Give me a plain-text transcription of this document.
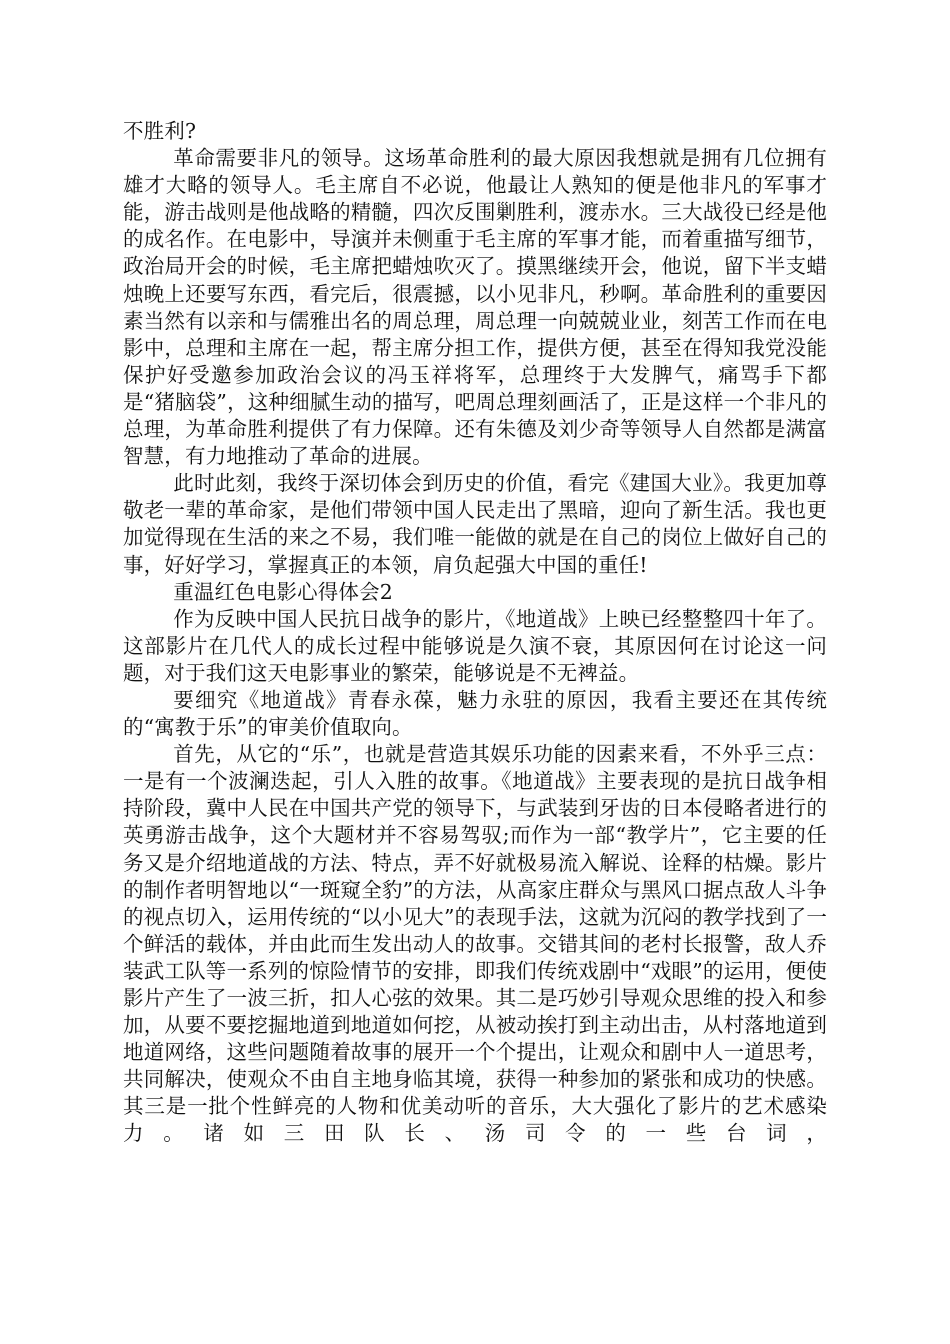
不胜利?

革命需要非凡的领导。这场革命胜利的最大原因我想就是拥有几位拥有雄才大略的领导人。毛主席自不必说，他最让人熟知的便是他非凡的军事才能，游击战则是他战略的精髓，四次反围剿胜利，渡赤水。三大战役已经是他的成名作。在电影中，导演并未侧重于毛主席的军事才能，而着重描写细节，政治局开会的时候，毛主席把蜡烛吹灭了。摸黑继续开会，他说，留下半支蜡烛晚上还要写东西，看完后，很震撼，以小见非凡，秒啊。革命胜利的重要因素当然有以亲和与儒雅出名的周总理，周总理一向兢兢业业，刻苦工作而在电影中，总理和主席在一起，帮主席分担工作，提供方便，甚至在得知我党没能保护好受邀参加政治会议的冯玉祥将军，总理终于大发脾气，痛骂手下都是“猪脑袋”，这种细腻生动的描写，吧周总理刻画活了，正是这样一个非凡的总理，为革命胜利提供了有力保障。还有朱德及刘少奇等领导人自然都是满富智慧，有力地推动了革命的进展。

此时此刻，我终于深切体会到历史的价值，看完《建国大业》。我更加尊敬老一辈的革命家，是他们带领中国人民走出了黑暗，迎向了新生活。我也更加觉得现在生活的来之不易，我们唯一能做的就是在自己的岗位上做好自己的事，好好学习，掌握真正的本领，肩负起强大中国的重任!

重温红色电影心得体会2

作为反映中国人民抗日战争的影片，《地道战》上映已经整整四十年了。这部影片在几代人的成长过程中能够说是久演不衰，其原因何在讨论这一问题，对于我们这天电影事业的繁荣，能够说是不无裨益。

要细究《地道战》青春永葆，魅力永驻的原因，我看主要还在其传统的“寓教于乐”的审美价值取向。

首先，从它的“乐”，也就是营造其娱乐功能的因素来看，不外乎三点：一是有一个波澜迭起，引人入胜的故事。《地道战》主要表现的是抗日战争相持阶段，冀中人民在中国共产党的领导下，与武装到牙齿的日本侵略者进行的英勇游击战争，这个大题材并不容易驾驭;而作为一部“教学片”，它主要的任务又是介绍地道战的方法、特点，弄不好就极易流入解说、诠释的枯燥。影片的制作者明智地以“一斑窥全豹”的方法，从高家庄群众与黑风口据点敌人斗争的视点切入，运用传统的“以小见大”的表现手法，这就为沉闷的教学找到了一个鲜活的载体，并由此而生发出动人的故事。交错其间的老村长报警，敌人乔装武工队等一系列的惊险情节的安排，即我们传统戏剧中“戏眼”的运用，便使影片产生了一波三折，扣人心弦的效果。其二是巧妙引导观众思维的投入和参加，从要不要挖掘地道到地道如何挖，从被动挨打到主动出击，从村落地道到地道网络，这些问题随着故事的展开一个个提出，让观众和剧中人一道思考，共同解决，使观众不由自主地身临其境，获得一种参加的紧张和成功的快感。其三是一批个性鲜亮的人物和优美动听的音乐，大大强化了影片的艺术感染力。诸如三田队长、汤司令的一些台词，
